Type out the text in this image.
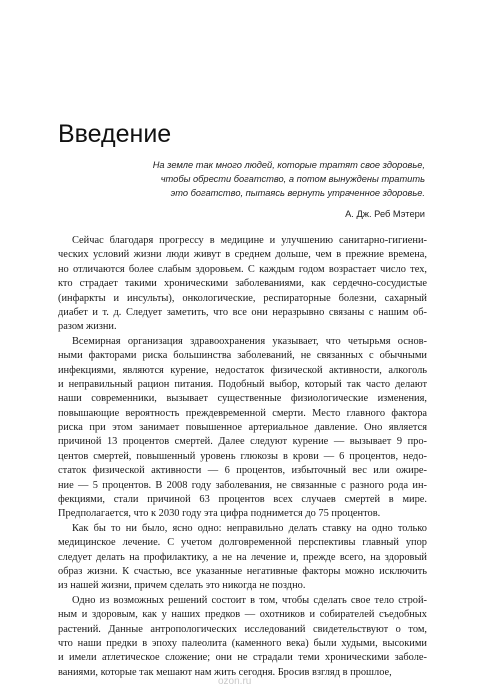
Введение
На земле так много людей, которые тратят свое здоровье,
чтобы обрести богатство, а потом вынуждены тратить
это богатство, пытаясь вернуть утраченное здоровье.
А. Дж. Реб Мэтери
Сейчас благодаря прогрессу в медицине и улучшению санитарно-гигиени-
ческих условий жизни люди живут в среднем дольше, чем в прежние времена,
но отличаются более слабым здоровьем. С каждым годом возрастает число тех,
кто страдает такими хроническими заболеваниями, как сердечно-сосудистые
(инфаркты и инсульты), онкологические, респираторные болезни, сахарный
диабет и т. д. Следует заметить, что все они неразрывно связаны с нашим об-
разом жизни.
Всемирная организация здравоохранения указывает, что четырьмя основ-
ными факторами риска большинства заболеваний, не связанных с обычными
инфекциями, являются курение, недостаток физической активности, алкоголь
и неправильный рацион питания. Подобный выбор, который так часто делают
наши современники, вызывает существенные физиологические изменения,
повышающие вероятность преждевременной смерти. Место главного фактора
риска при этом занимает повышенное артериальное давление. Оно является
причиной 13 процентов смертей. Далее следуют курение — вызывает 9 про-
центов смертей, повышенный уровень глюкозы в крови — 6 процентов, недо-
статок физической активности — 6 процентов, избыточный вес или ожире-
ние — 5 процентов. В 2008 году заболевания, не связанные с разного рода ин-
фекциями, стали причиной 63 процентов всех случаев смертей в мире.
Предполагается, что к 2030 году эта цифра поднимется до 75 процентов.
Как бы то ни было, ясно одно: неправильно делать ставку на одно только
медицинское лечение. С учетом долговременной перспективы главный упор
следует делать на профилактику, а не на лечение и, прежде всего, на здоровый
образ жизни. К счастью, все указанные негативные факторы можно исключить
из нашей жизни, причем сделать это никогда не поздно.
Одно из возможных решений состоит в том, чтобы сделать свое тело строй-
ным и здоровым, как у наших предков — охотников и собирателей съедобных
растений. Данные антропологических исследований свидетельствуют о том,
что наши предки в эпоху палеолита (каменного века) были худыми, высокими
и имели атлетическое сложение; они не страдали теми хроническими заболе-
ваниями, которые так мешают нам жить сегодня. Бросив взгляд в прошлое,
ozon.ru
